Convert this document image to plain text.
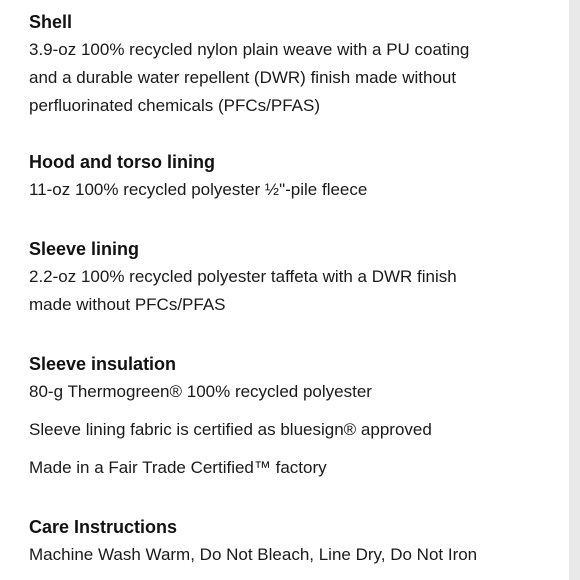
Shell

3.9-oz 100% recycled nylon plain weave with a PU coating

and a durable water repellent (DWR) finish made without

perfluorinated chemicals (PFCs/PFAS)

Hood and torso lining

11-oz 100% recycled polyester ½"-pile fleece

Sleeve lining

2.2-oz 100% recycled polyester taffeta with a DWR finish

made without PFCs/PFAS

Sleeve insulation

80-g Thermogreen® 100% recycled polyester

Sleeve lining fabric is certified as bluesign® approved

Made in a Fair Trade Certified™ factory

Care Instructions

Machine Wash Warm, Do Not Bleach, Line Dry, Do Not Iron
